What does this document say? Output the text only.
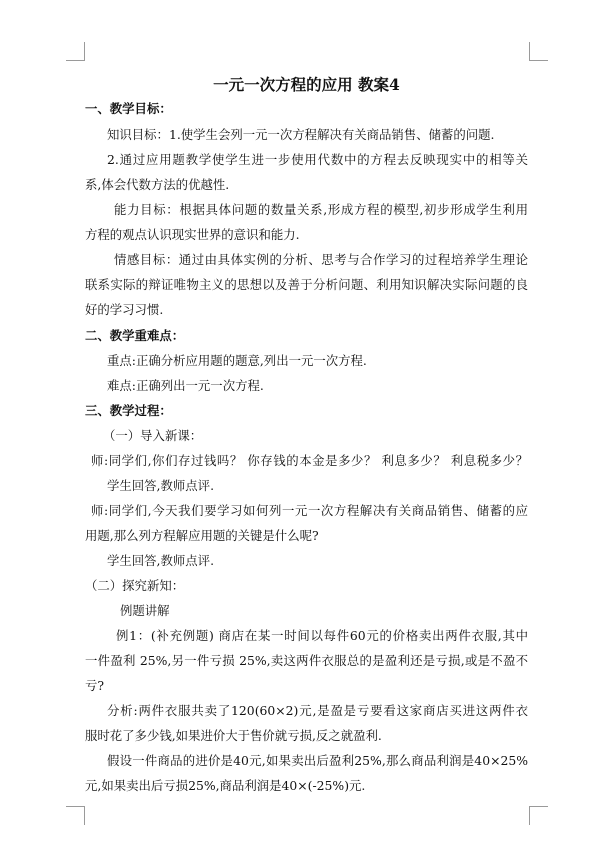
一元一次方程的应用 教案4
一、教学目标：
知识目标：1.使学生会列一元一次方程解决有关商品销售、储蓄的问题.
2.通过应用题教学使学生进一步使用代数中的方程去反映现实中的相等关
系,体会代数方法的优越性.
能力目标：根据具体问题的数量关系,形成方程的模型,初步形成学生利用
方程的观点认识现实世界的意识和能力.
情感目标：通过由具体实例的分析、思考与合作学习的过程培养学生理论
联系实际的辩证唯物主义的思想以及善于分析问题、利用知识解决实际问题的良
好的学习习惯.
二、教学重难点：
重点:正确分析应用题的题意,列出一元一次方程.
难点:正确列出一元一次方程.
三、教学过程：
（一）导入新课：
师:同学们,你们存过钱吗？ 你存钱的本金是多少？ 利息多少？ 利息税多少？
学生回答,教师点评.
师:同学们,今天我们要学习如何列一元一次方程解决有关商品销售、储蓄的应
用题,那么列方程解应用题的关键是什么呢?
学生回答,教师点评.
（二）探究新知：
例题讲解
例1：(补充例题) 商店在某一时间以每件60元的价格卖出两件衣服,其中
一件盈利 25%,另一件亏损 25%,卖这两件衣服总的是盈利还是亏损,或是不盈不
亏?
分析:两件衣服共卖了120(60×2)元,是盈是亏要看这家商店买进这两件衣
服时花了多少钱,如果进价大于售价就亏损,反之就盈利.
假设一件商品的进价是40元,如果卖出后盈利25%,那么商品利润是40×25%
元,如果卖出后亏损25%,商品利润是40×(-25%)元.
